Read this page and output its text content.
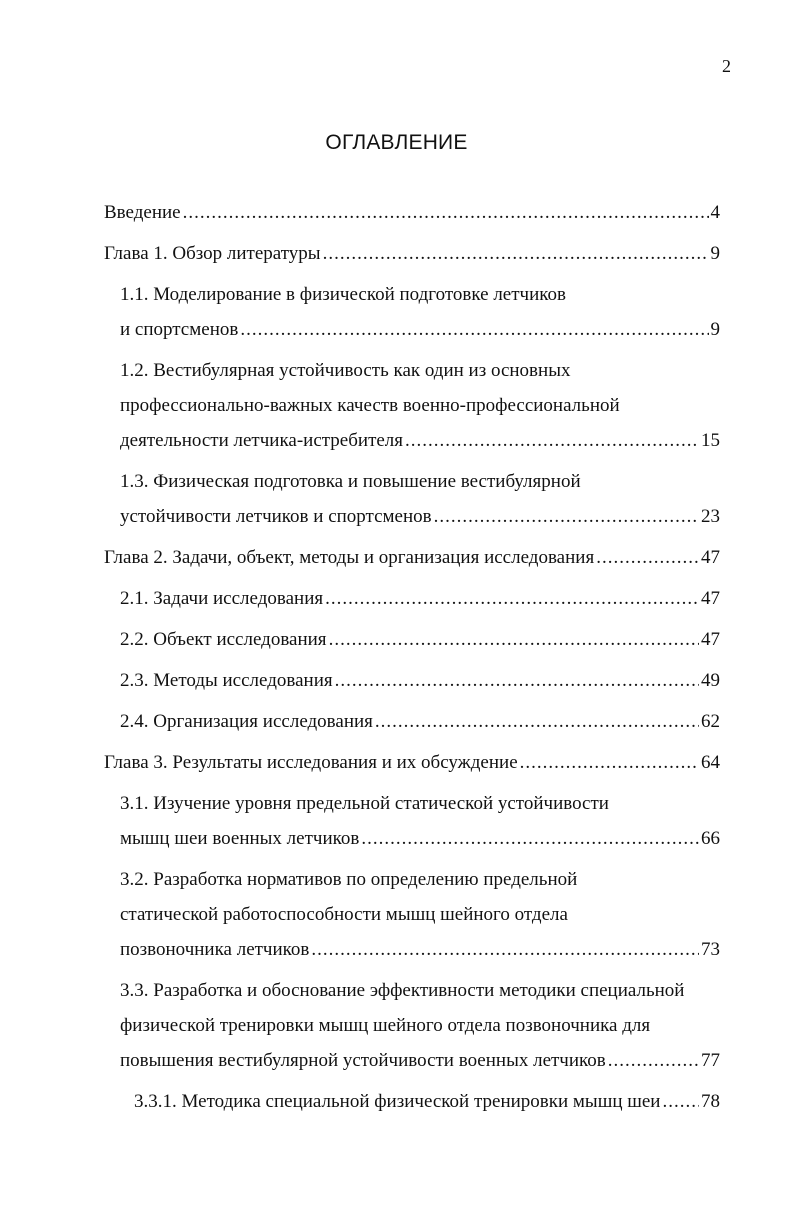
2
ОГЛАВЛЕНИЕ
Введение .....	4
Глава 1. Обзор литературы .....	9
1.1. Моделирование в физической подготовке летчиков
и спортсменов .....	9
1.2. Вестибулярная устойчивость как один из основных
профессионально-важных качеств военно-профессиональной
деятельности летчика-истребителя .....	15
1.3. Физическая подготовка и повышение вестибулярной
устойчивости летчиков и спортсменов .....	23
Глава 2. Задачи, объект, методы и организация исследования .....	47
2.1. Задачи исследования .....	47
2.2. Объект исследования .....	47
2.3. Методы исследования .....	49
2.4. Организация исследования .....	62
Глава 3. Результаты исследования и их обсуждение .....	64
3.1. Изучение уровня предельной статической устойчивости
мышц шеи военных летчиков .....	66
3.2. Разработка нормативов по определению предельной
статической работоспособности мышц шейного отдела
позвоночника летчиков .....	73
3.3. Разработка и обоснование эффективности методики специальной
физической тренировки мышц шейного отдела позвоночника для
повышения вестибулярной устойчивости военных летчиков .....	77
3.3.1. Методика специальной физической тренировки мышц шеи ..... 78
